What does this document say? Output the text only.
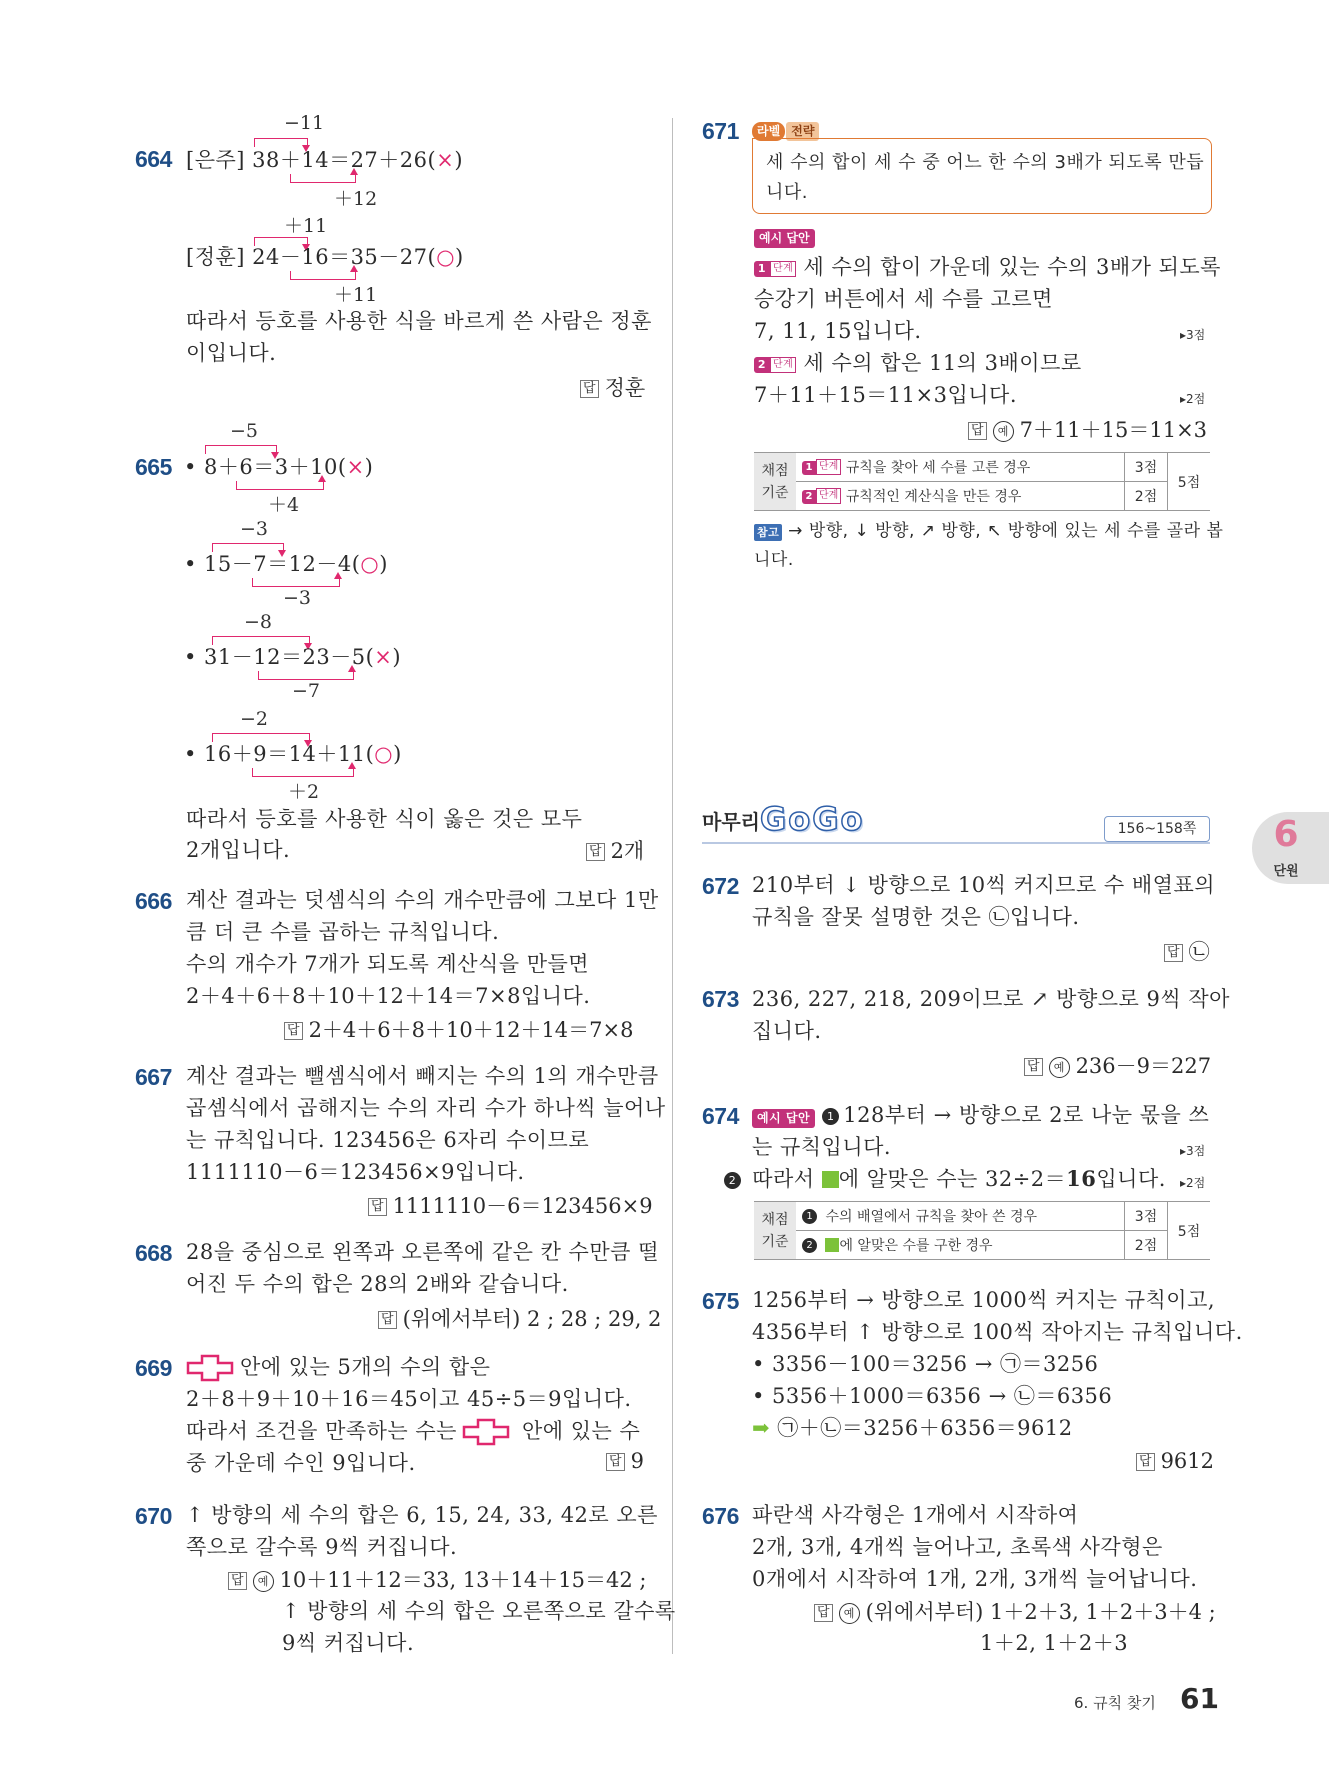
664
−11
[은주] 38＋14＝27＋26(×)
＋12
＋11
[정훈] 24－16＝35－27(○)
＋11
따라서 등호를 사용한 식을 바르게 쓴 사람은 정훈
이입니다.
답 정훈
665
−5
• 8＋6＝3＋10(×)
＋4
−3
• 15－7＝12－4(○)
−3
−8
• 31－12＝23－5(×)
−7
−2
• 16＋9＝14＋11(○)
＋2
따라서 등호를 사용한 식이 옳은 것은 모두
2개입니다.	답 2개
666 계산 결과는 덧셈식의 수의 개수만큼에 그보다 1만
큼 더 큰 수를 곱하는 규칙입니다.
수의 개수가 7개가 되도록 계산식을 만들면
2＋4＋6＋8＋10＋12＋14＝7×8입니다.
답 2＋4＋6＋8＋10＋12＋14＝7×8
667 계산 결과는 뺄셈식에서 빼지는 수의 1의 개수만큼
곱셈식에서 곱해지는 수의 자리 수가 하나씩 늘어나
는 규칙입니다. 123456은 6자리 수이므로
1111110－6＝123456×9입니다.
답 1111110－6＝123456×9
668 28을 중심으로 왼쪽과 오른쪽에 같은 칸 수만큼 떨
어진 두 수의 합은 28의 2배와 같습니다.
답 (위에서부터) 2 ; 28 ; 29, 2
669	안에 있는 5개의 수의 합은
2＋8＋9＋10＋16＝45이고 45÷5＝9입니다.
따라서 조건을 만족하는 수는	안에 있는 수
중 가운데 수인 9입니다.	답 9
670 ↑ 방향의 세 수의 합은 6, 15, 24, 33, 42로 오른
쪽으로 갈수록 9씩 커집니다.
답 예 10＋11＋12＝33, 13＋14＋15＝42 ;
↑ 방향의 세 수의 합은 오른쪽으로 갈수록
9씩 커집니다.
671	라벨 전략
세 수의 합이 세 수 중 어느 한 수의 3배가 되도록 만듭
니다.
예시 답안
1 단계 세 수의 합이 가운데 있는 수의 3배가 되도록
승강기 버튼에서 세 수를 고르면
7, 11, 15입니다.	▸3점
2 단계 세 수의 합은 11의 3배이므로
7＋11＋15＝11×3입니다.	▸2점
답 예 7＋11＋15＝11×3
채점
기준	1 단계 규칙을 찾아 세 수를 고른 경우	3점	5점
	2 단계 규칙적인 계산식을 만든 경우	2점	
참고 → 방향, ↓ 방향, ↗ 방향, ↖ 방향에 있는 세 수를 골라 봅
니다.
마무리 GoGo	156~158쪽	6
단원
672 210부터 ↓ 방향으로 10씩 커지므로 수 배열표의
규칙을 잘못 설명한 것은 ㉡입니다.
답 ㉡
673 236, 227, 218, 209이므로 ↗ 방향으로 9씩 작아
집니다.
답 예 236－9＝227
674	예시 답안 1 128부터 → 방향으로 2로 나눈 몫을 쓰
는 규칙입니다.	▸3점
2 따라서 에 알맞은 수는 32÷2＝16입니다. ▸2점
채점
기준	1 수의 배열에서 규칙을 찾아 쓴 경우	3점	5점
	2 에 알맞은 수를 구한 경우	2점	
675 1256부터 → 방향으로 1000씩 커지는 규칙이고,
4356부터 ↑ 방향으로 100씩 작아지는 규칙입니다.
• 3356－100＝3256 → ㉠＝3256
• 5356＋1000＝6356 → ㉡＝6356
➡ ㉠＋㉡＝3256＋6356＝9612
답 9612
676 파란색 사각형은 1개에서 시작하여
2개, 3개, 4개씩 늘어나고, 초록색 사각형은
0개에서 시작하여 1개, 2개, 3개씩 늘어납니다.
답 예 (위에서부터) 1＋2＋3, 1＋2＋3＋4 ;
1＋2, 1＋2＋3
6. 규칙 찾기 61
